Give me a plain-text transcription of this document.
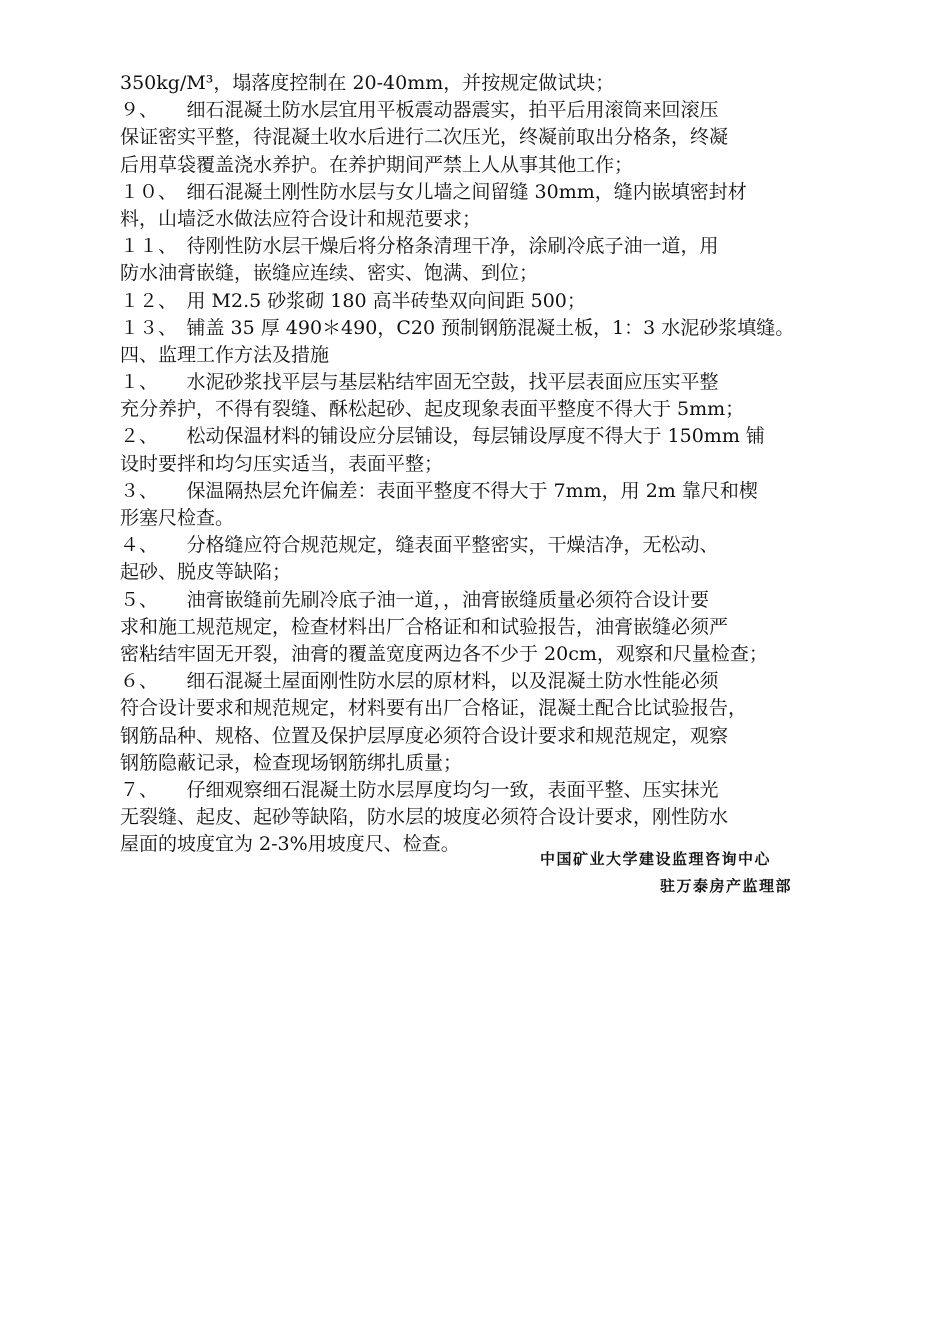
350kg/M³，塌落度控制在 20-40mm，并按规定做试块；
９、　　细石混凝土防水层宜用平板震动器震实，拍平后用滚筒来回滚压
保证密实平整，待混凝土收水后进行二次压光，终凝前取出分格条，终凝
后用草袋覆盖浇水养护。在养护期间严禁上人从事其他工作；
１０、　细石混凝土刚性防水层与女儿墙之间留缝 30mm，缝内嵌填密封材
料，山墙泛水做法应符合设计和规范要求；
１１、　待刚性防水层干燥后将分格条清理干净，涂刷冷底子油一道，用
防水油膏嵌缝，嵌缝应连续、密实、饱满、到位；
１２、　用 M2.5 砂浆砌 180 高半砖垫双向间距 500；
１３、　铺盖 35 厚 490＊490，C20 预制钢筋混凝土板，1：3 水泥砂浆填缝。
四、监理工作方法及措施
１、　　水泥砂浆找平层与基层粘结牢固无空鼓，找平层表面应压实平整
充分养护，不得有裂缝、酥松起砂、起皮现象表面平整度不得大于 5mm；
２、　　松动保温材料的铺设应分层铺设，每层铺设厚度不得大于 150mm 铺
设时要拌和均匀压实适当，表面平整；
３、　　保温隔热层允许偏差：表面平整度不得大于 7mm，用 2m 靠尺和楔
形塞尺检查。
４、　　分格缝应符合规范规定，缝表面平整密实，干燥洁净，无松动、
起砂、脱皮等缺陷；
５、　　油膏嵌缝前先刷冷底子油一道，，油膏嵌缝质量必须符合设计要
求和施工规范规定，检查材料出厂合格证和和试验报告，油膏嵌缝必须严
密粘结牢固无开裂，油膏的覆盖宽度两边各不少于 20cm，观察和尺量检查；
６、　　细石混凝土屋面刚性防水层的原材料，以及混凝土防水性能必须
符合设计要求和规范规定，材料要有出厂合格证，混凝土配合比试验报告，
钢筋品种、规格、位置及保护层厚度必须符合设计要求和规范规定，观察
钢筋隐蔽记录，检查现场钢筋绑扎质量；
７、　　仔细观察细石混凝土防水层厚度均匀一致，表面平整、压实抹光
无裂缝、起皮、起砂等缺陷，防水层的坡度必须符合设计要求，刚性防水
屋面的坡度宜为 2-3%用坡度尺、检查。
中国矿业大学建设监理咨询中心
驻万泰房产监理部
